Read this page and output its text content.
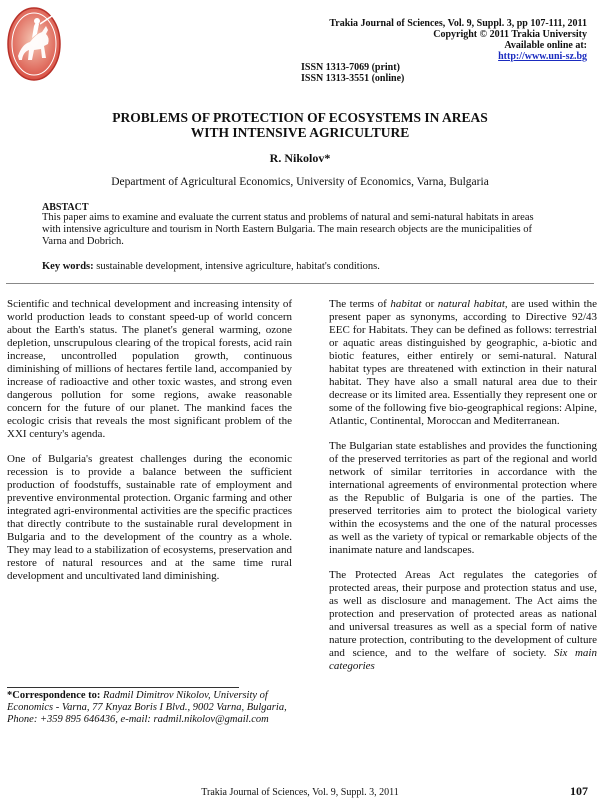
Trakia Journal of Sciences, Vol. 9, Suppl. 3, pp 107-111, 2011
Copyright © 2011 Trakia University
Available online at:
http://www.uni-sz.bg
ISSN 1313-7069 (print)
ISSN 1313-3551 (online)
PROBLEMS OF PROTECTION OF ECOSYSTEMS IN AREAS
WITH INTENSIVE AGRICULTURE
R. Nikolov*
Department of Agricultural Economics, University of Economics, Varna, Bulgaria
ABSTACT
This paper aims to examine and evaluate the current status and problems of natural and semi-natural habitats in areas with intensive agriculture and tourism in North Eastern Bulgaria. The main research objects are the municipalities of Varna and Dobrich.
Key words: sustainable development, intensive agriculture, habitat's conditions.

Scientific and technical development and increasing intensity of world production leads to constant speed-up of world concern about the Earth's status. The planet's general warming, ozone depletion, unscrupulous clearing of the tropical forests, acid rain increase, uncontrolled population growth, continuous diminishing of millions of hectares fertile land, accompanied by increase of radioactive and other toxic wastes, and strong even dangerous pollution for some regions, awake reasonable concern for the future of our planet. The mankind faces the ecologic crisis that reveals the most significant problem of the XXI century's agenda.

One of Bulgaria's greatest challenges during the economic recession is to provide a balance between the sufficient production of foodstuffs, sustainable rate of employment and preventive environmental protection. Organic farming and other integrated agri-environmental activities are the specific practices that directly contribute to the sustainable rural development in Bulgaria and to the development of the country as a whole. They may lead to a stabilization of ecosystems, preservation and restore of natural resources and at the same time rural development and uncultivated land diminishing.

The terms of habitat or natural habitat, are used within the present paper as synonyms, according to Directive 92/43 EEC for Habitats. They can be defined as follows: terrestrial or aquatic areas distinguished by geographic, a-biotic and biotic features, either entirely or semi-natural. Natural habitat types are threatened with extinction in their natural habitat. They have also a small natural area due to their decrease or its limited area. Essentially they represent one or some of the following five bio-geographical regions: Alpine, Atlantic, Continental, Moroccan and Mediterranean.

The Bulgarian state establishes and provides the functioning of the preserved territories as part of the regional and world network of similar territories in accordance with the international agreements of environmental protection where as the Republic of Bulgaria is one of the parties. The preserved territories aim to protect the biological variety within the ecosystems and the one of the natural processes as well as the variety of typical or remarkable objects of the inanimate nature and landscapes.

The Protected Areas Act regulates the categories of protected areas, their purpose and protection status and use, as well as disclosure and management. The Act aims the protection and preservation of protected areas as national and universal treasures as well as a special form of native nature protection, contributing to the development of culture and science, and to the welfare of society. Six main categories

*Correspondence to: Radmil Dimitrov Nikolov, University of Economics - Varna, 77 Knyaz Boris I Blvd., 9002 Varna, Bulgaria, Phone: +359 895 646436, e-mail: radmil.nikolov@gmail.com
Trakia Journal of Sciences, Vol. 9, Suppl. 3, 2011	107
